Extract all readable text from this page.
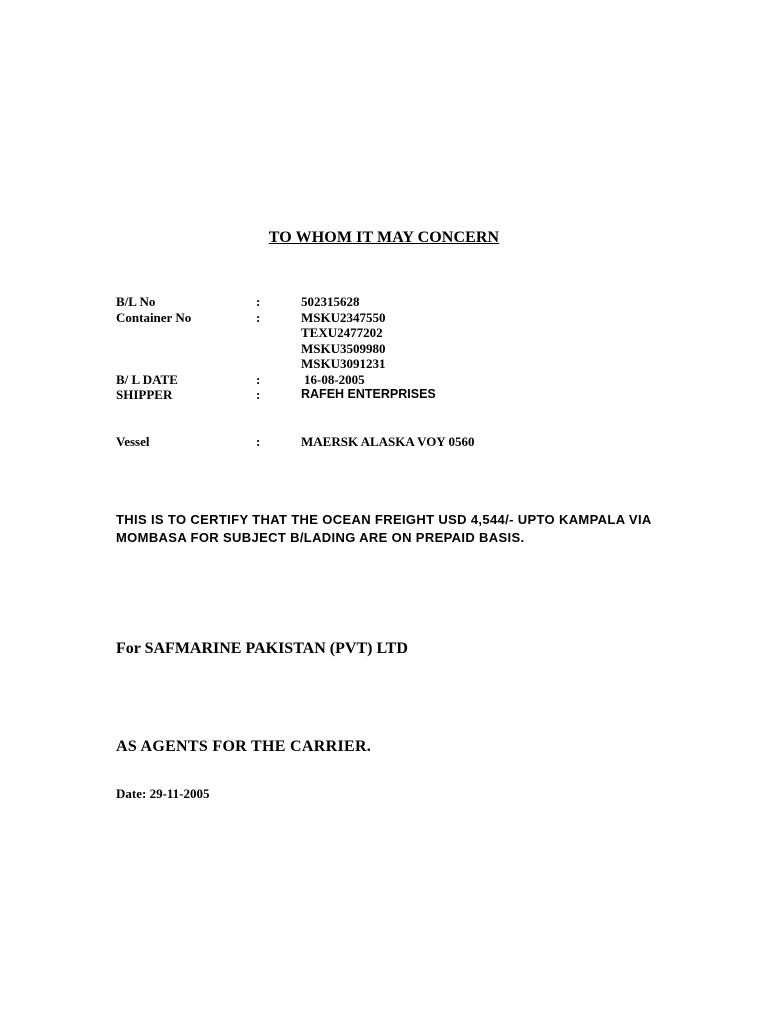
TO WHOM IT MAY CONCERN
B/L No	:	502315628
Container No	:	MSKU2347550
TEXU2477202
MSKU3509980
MSKU3091231
B/ L DATE	:	16-08-2005
SHIPPER	:	RAFEH ENTERPRISES
Vessel	:	MAERSK ALASKA VOY 0560
THIS IS TO CERTIFY THAT THE OCEAN FREIGHT USD 4,544/- UPTO KAMPALA VIA MOMBASA FOR SUBJECT B/LADING ARE ON PREPAID BASIS.
For SAFMARINE PAKISTAN (PVT) LTD
AS AGENTS FOR THE CARRIER.
Date: 29-11-2005
